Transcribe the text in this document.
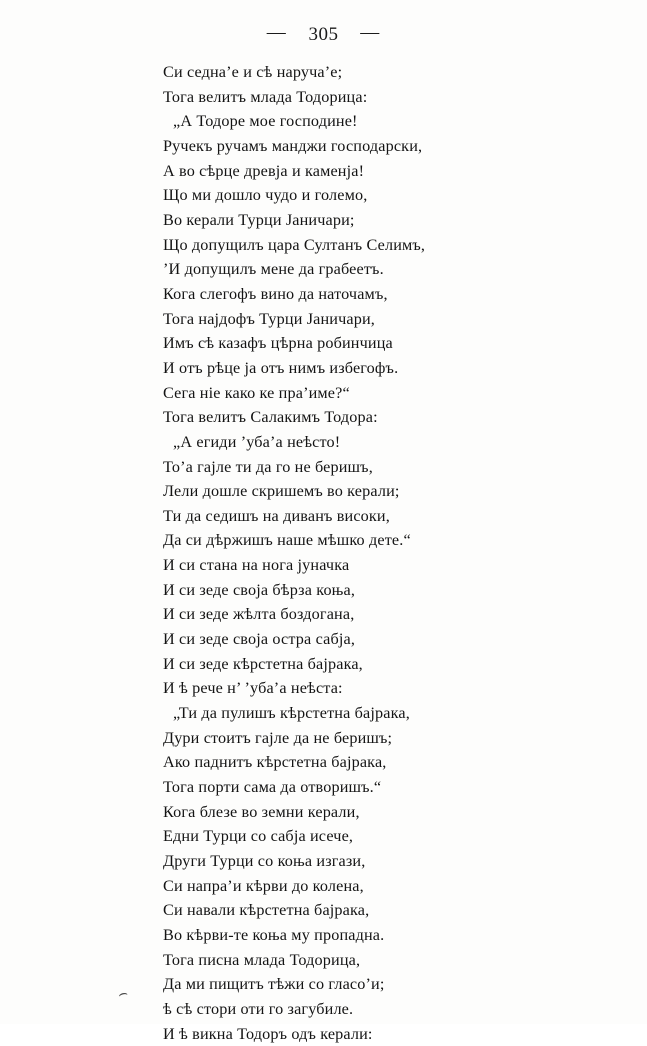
— 305 —
Си седна’е и сѣ наруча’е;
Тога велитъ млада Тодорица:
„А Тодоре мое господине!
Ручекъ ручамъ манджи господарски,
А во сѣрце древја и каменја!
Що ми дошло чудо и големо,
Во керали Турци Јаничари;
Що допущилъ цара Султанъ Селимъ,
’И допущилъ мене да грабеетъ.
Кога слегофъ вино да наточамъ,
Тога најдофъ Турци Јаничари,
Имъ сѣ казафъ цѣрна робинчица
И отъ рѣце ја отъ нимъ избегофъ.
Сега ніе како ке пра’име?“
Тога велитъ Салакимъ Тодора:
„А егиди ’уба’а неѣсто!
То’а гајле ти да го не беришъ,
Лели дошле скришемъ во керали;
Ти да седишъ на диванъ високи,
Да си дѣржишъ наше мѣшко дете.“
И си стана на нога јуначка
И си зеде своја бѣрза коња,
И си зеде жѣлта боздогана,
И си зеде своја остра сабја,
И си зеде кѣрстетна бајрака,
И ѣ рече н’ ’уба’а неѣста:
„Ти да пулишъ кѣрстетна бајрака,
Дури стоитъ гајле да не беришъ;
Ако паднитъ кѣрстетна бајрака,
Тога порти сама да отворишъ.“
Кога блезе во земни керали,
Едни Турци со сабја исече,
Други Турци со коња изгази,
Си напра’и кѣрви до колена,
Си навали кѣрстетна бајрака,
Во кѣрви-те коња му пропадна.
Тога писна млада Тодорица,
Да ми пищитъ тѣжи со гласо’и;
ѣ сѣ стори оти го загубиле.
И ѣ викна Тодоръ одъ керали:
⌢
